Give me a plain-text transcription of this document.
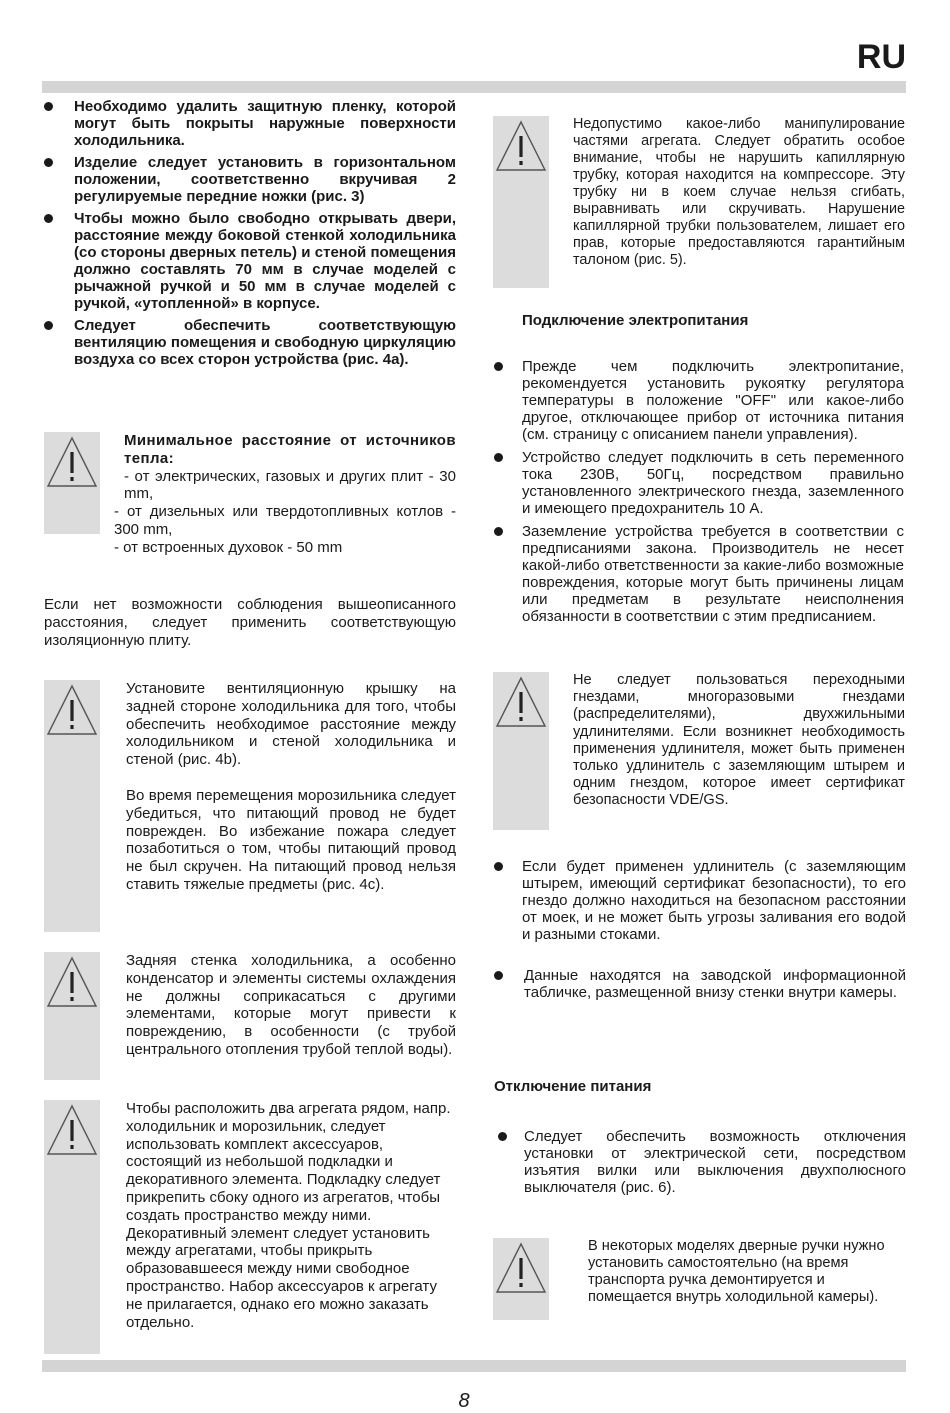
RU
Необходимо удалить защитную пленку, которой могут быть покрыты наружные поверхности холодильника.
Изделие следует установить в горизонтальном положении, соответственно вкручивая 2 регулируемые передние ножки (рис. 3)
Чтобы можно было свободно открывать двери, расстояние между боковой стенкой холодильника (со стороны дверных петель) и стеной помещения должно составлять 70 мм в случае моделей с рычажной ручкой и 50 мм в случае моделей с ручкой, «утопленной» в корпусе.
Следует обеспечить соответствующую вентиляцию помещения и свободную циркуляцию воздуха со всех сторон устройства (рис. 4a).

Минимальное расстояние от источников тепла:

- от электрических, газовых и других плит - 30 mm,

- от дизельных или твердотопливных котлов - 300 mm,

- от встроенных духовок - 50 mm

Если нет возможности соблюдения вышеописанного расстояния, следует применить соответствующую изоляционную плиту.

Установите вентиляционную крышку на задней стороне холодильника для того, чтобы обеспечить необходимое расстояние между холодильником и стеной холодильника и стеной (рис. 4b).

Во время перемещения морозильника следует убедиться, что питающий провод не будет поврежден. Во избежание пожара следует позаботиться о том, чтобы питающий провод не был скручен. На питающий провод нельзя ставить тяжелые предметы (рис. 4c).

Задняя стенка холодильника, а особенно конденсатор и элементы системы охлаждения не должны соприкасаться с другими элементами, которые могут привести к повреждению, в особенности (с трубой центрального отопления трубой теплой воды).

Чтобы расположить два агрегата рядом, напр. холодильник и морозильник, следует использовать комплект аксессуаров, состоящий из небольшой подкладки и декоративного элемента. Подкладку следует прикрепить сбоку одного из агрегатов, чтобы создать пространство между ними. Декоративный элемент следует установить между агрегатами, чтобы прикрыть образовавшееся между ними свободное пространство. Набор аксессуаров к агрегату не прилагается, однако его можно заказать отдельно.

Недопустимо какое-либо манипулирование частями агрегата. Следует обратить особое внимание, чтобы не нарушить капиллярную трубку, которая находится на компрессоре. Эту трубку ни в коем случае нельзя сгибать, выравнивать или скручивать. Нарушение капиллярной трубки пользователем, лишает его прав, которые предоставляются гарантийным талоном (рис. 5).

Подключение электропитания
Прежде чем подключить электропитание, рекомендуется установить рукоятку регулятора температуры в положение "OFF" или какое-либо другое, отключающее прибор от источника питания (см. страницу с описанием панели управления).
Устройство следует подключить в сеть переменного тока 230В, 50Гц, посредством правильно установленного электрического гнезда, заземленного и имеющего предохранитель 10 А.
Заземление устройства требуется в соответствии с предписаниями закона. Производитель не несет какой-либо ответственности за какие-либо возможные повреждения, которые могут быть причинены лицам или предметам в результате неисполнения обязанности в соответствии с этим предписанием.

Не следует пользоваться переходными гнездами, многоразовыми гнездами (распределителями), двухжильными удлинителями. Если возникнет необходимость применения удлинителя, может быть применен только удлинитель с заземляющим штырем и одним гнездом, которое имеет сертификат безопасности VDE/GS.

Если будет применен удлинитель (с заземляющим штырем, имеющий сертификат безопасности), то его гнездо должно находиться на безопасном расстоянии от моек, и не может быть угрозы заливания его водой и разными стоками.
Данные находятся на заводской информационной табличке, размещенной внизу стенки внутри камеры.
Отключение питания
Следует обеспечить возможность отключения установки от электрической сети, посредством изъятия вилки или выключения двухполюсного выключателя (рис. 6).

В некоторых моделях дверные ручки нужно установить самостоятельно (на время транспорта ручка демонтируется и помещается внутрь холодильной камеры).

8
